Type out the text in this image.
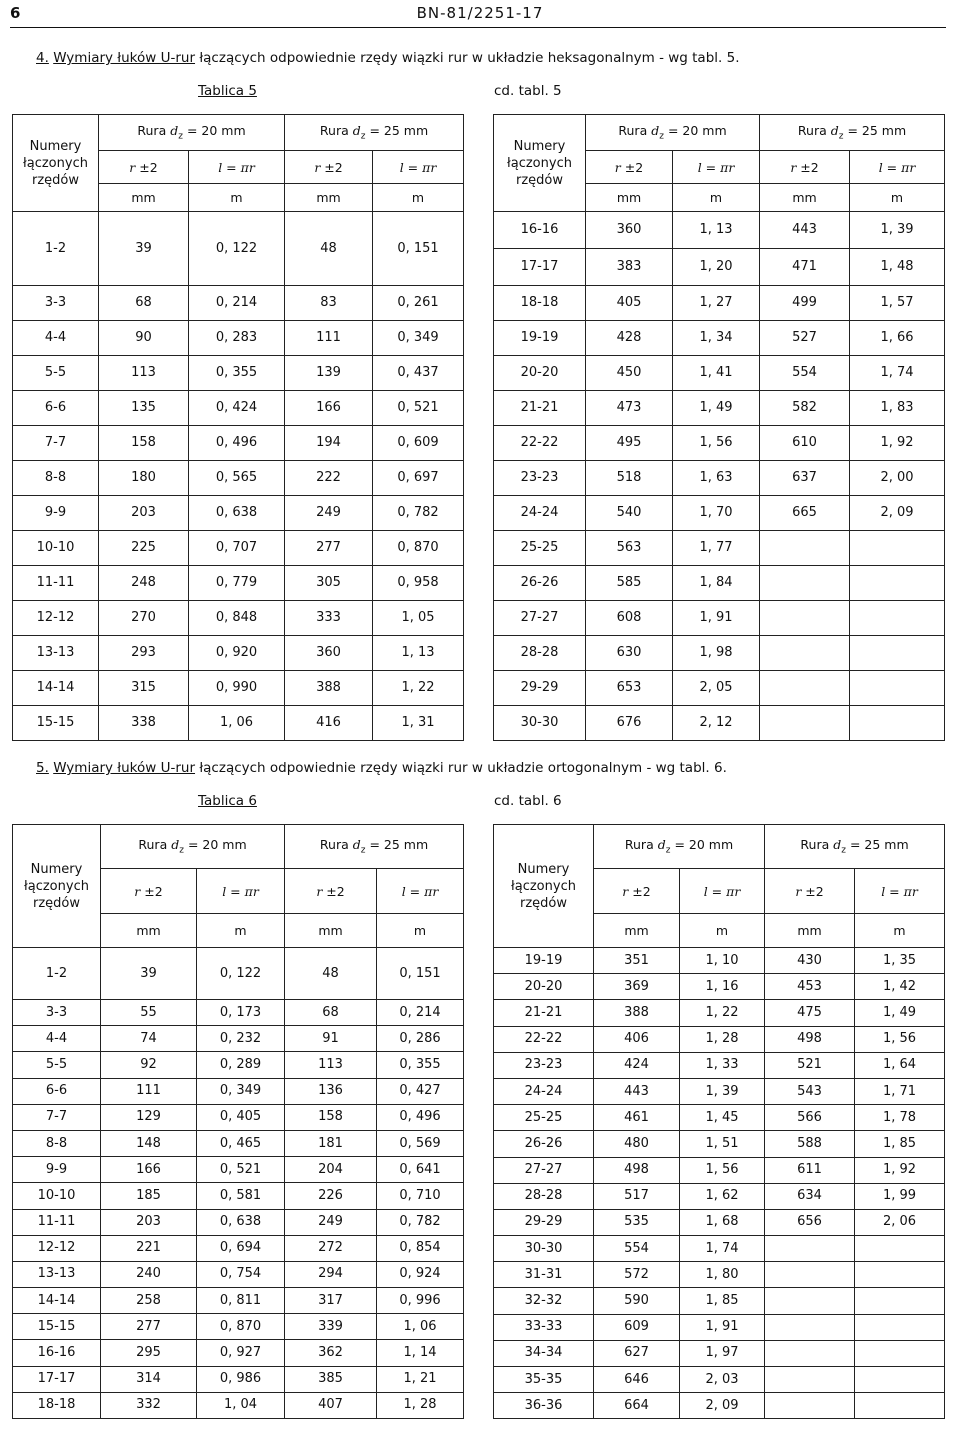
6	BN-81/2251-17
4. Wymiary łuków U-rur łączących odpowiednie rzędy wiązki rur w układzie heksagonalnym - wg tabl. 5.
Tablica 5	cd. tabl. 5
Numery łączonych rzędów	Rura $d_z = 20$ mm		Rura $d_z = 25$ mm	
	r ±2	l = πr	r ±2	l = πr
	mm	m	mm	m
1-2	39	0, 122	48	0, 151
3-3	68	0, 214	83	0, 261
4-4	90	0, 283	111	0, 349
5-5	113	0, 355	139	0, 437
6-6	135	0, 424	166	0, 521
7-7	158	0, 496	194	0, 609
8-8	180	0, 565	222	0, 697
9-9	203	0, 638	249	0, 782
10-10	225	0, 707	277	0, 870
11-11	248	0, 779	305	0, 958
12-12	270	0, 848	333	1, 05
13-13	293	0, 920	360	1, 13
14-14	315	0, 990	388	1, 22
15-15	338	1, 06	416	1, 31
Numery łączonych rzędów	Rura $d_z = 20$ mm		Rura $d_z = 25$ mm	
	r ±2	l = πr	r ±2	l = πr
	mm	m	mm	m
16-16	360	1, 13	443	1, 39
17-17	383	1, 20	471	1, 48
18-18	405	1, 27	499	1, 57
19-19	428	1, 34	527	1, 66
20-20	450	1, 41	554	1, 74
21-21	473	1, 49	582	1, 83
22-22	495	1, 56	610	1, 92
23-23	518	1, 63	637	2, 00
24-24	540	1, 70	665	2, 09
25-25	563	1, 77		
26-26	585	1, 84		
27-27	608	1, 91		
28-28	630	1, 98		
29-29	653	2, 05		
30-30	676	2, 12		
5. Wymiary łuków U-rur łączących odpowiednie rzędy wiązki rur w układzie ortogonalnym - wg tabl. 6.
Tablica 6	cd. tabl. 6
Numery łączonych rzędów	Rura $d_z = 20$ mm		Rura $d_z = 25$ mm	
	r ±2	l = πr	r ±2	l = πr
	mm	m	mm	m
1-2	39	0, 122	48	0, 151
3-3	55	0, 173	68	0, 214
4-4	74	0, 232	91	0, 286
5-5	92	0, 289	113	0, 355
6-6	111	0, 349	136	0, 427
7-7	129	0, 405	158	0, 496
8-8	148	0, 465	181	0, 569
9-9	166	0, 521	204	0, 641
10-10	185	0, 581	226	0, 710
11-11	203	0, 638	249	0, 782
12-12	221	0, 694	272	0, 854
13-13	240	0, 754	294	0, 924
14-14	258	0, 811	317	0, 996
15-15	277	0, 870	339	1, 06
16-16	295	0, 927	362	1, 14
17-17	314	0, 986	385	1, 21
18-18	332	1, 04	407	1, 28
Numery łączonych rzędów	Rura $d_z = 20$ mm		Rura $d_z = 25$ mm	
	r ±2	l = πr	r ±2	l = πr
	mm	m	mm	m
19-19	351	1, 10	430	1, 35
20-20	369	1, 16	453	1, 42
21-21	388	1, 22	475	1, 49
22-22	406	1, 28	498	1, 56
23-23	424	1, 33	521	1, 64
24-24	443	1, 39	543	1, 71
25-25	461	1, 45	566	1, 78
26-26	480	1, 51	588	1, 85
27-27	498	1, 56	611	1, 92
28-28	517	1, 62	634	1, 99
29-29	535	1, 68	656	2, 06
30-30	554	1, 74		
31-31	572	1, 80		
32-32	590	1, 85		
33-33	609	1, 91		
34-34	627	1, 97		
35-35	646	2, 03		
36-36	664	2, 09		
